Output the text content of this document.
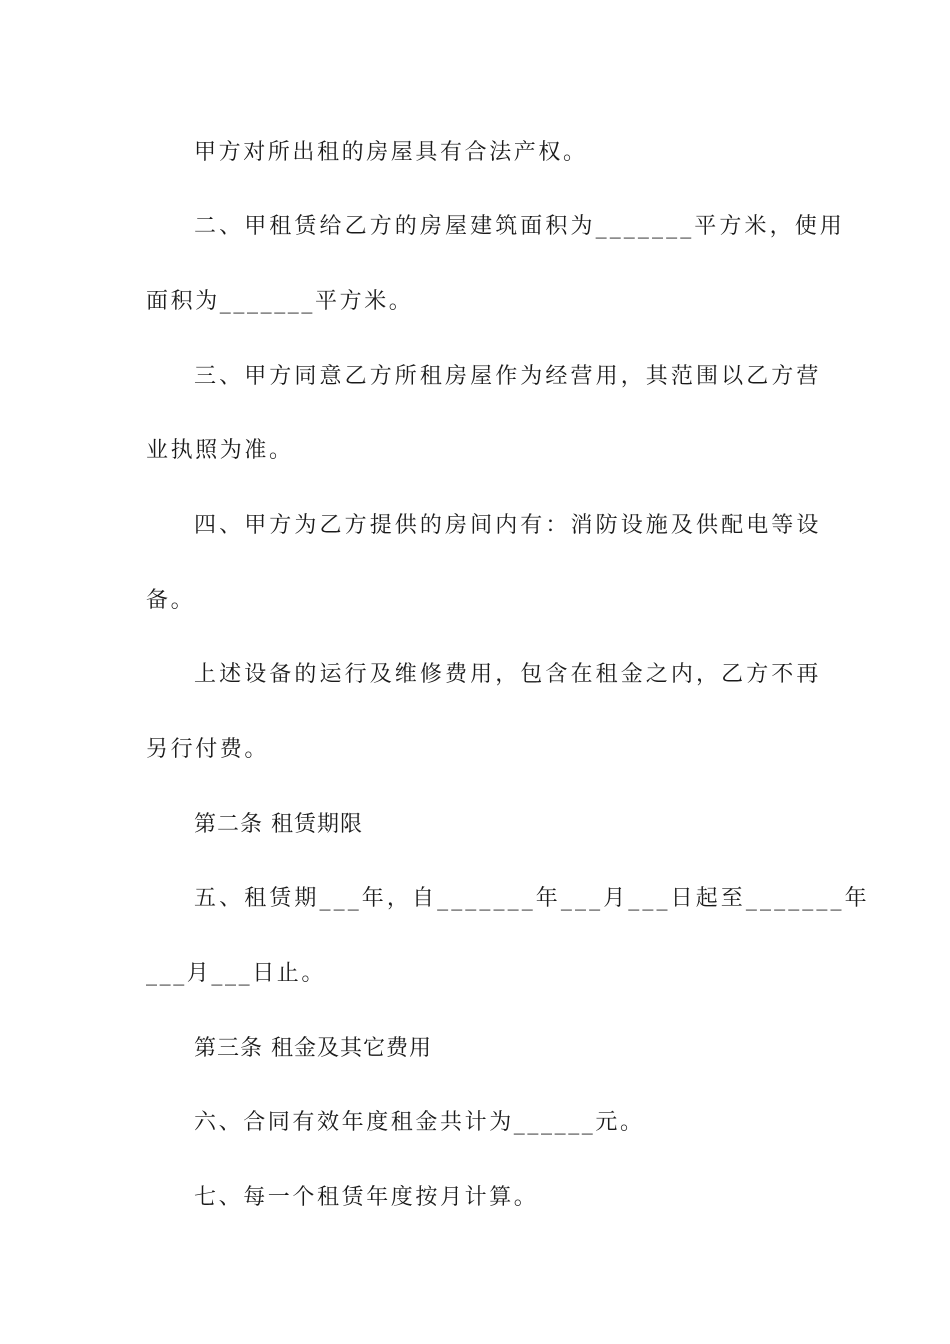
甲方对所出租的房屋具有合法产权。
二、甲租赁给乙方的房屋建筑面积为_______平方米，使用
面积为_______平方米。
三、甲方同意乙方所租房屋作为经营用，其范围以乙方营
业执照为准。
四、甲方为乙方提供的房间内有：消防设施及供配电等设
备。
上述设备的运行及维修费用，包含在租金之内，乙方不再
另行付费。
第二条 租赁期限
五、租赁期___年，自_______年___月___日起至_______年
___月___日止。
第三条 租金及其它费用
六、合同有效年度租金共计为______元。
七、每一个租赁年度按月计算。
